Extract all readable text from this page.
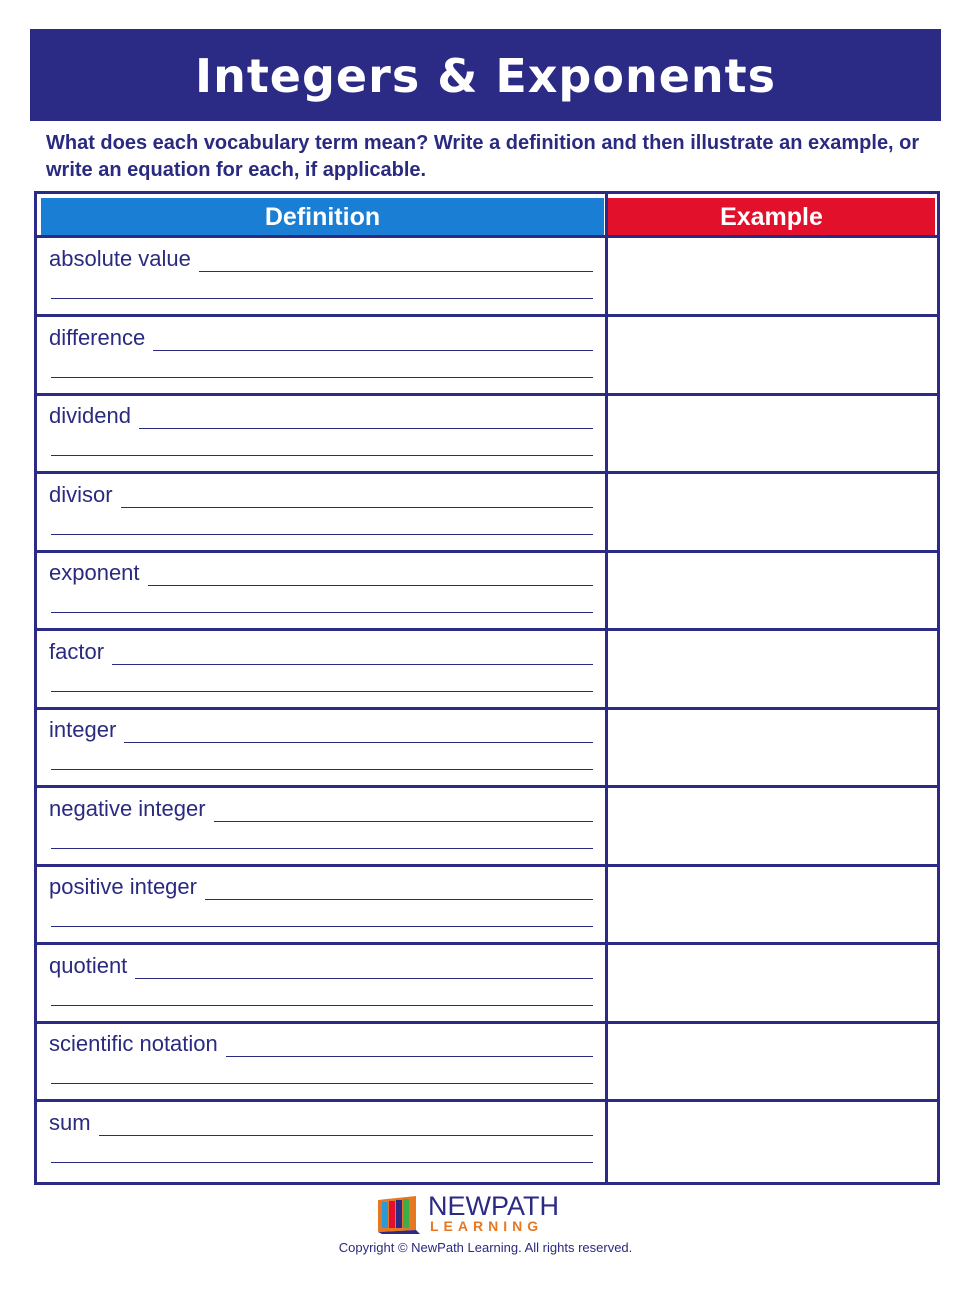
Integers & Exponents
What does each vocabulary term mean? Write a definition and then illustrate an example, or write an equation for each, if applicable.
Definition	Example
absolute value
difference
dividend
divisor
exponent
factor
integer
negative integer
positive integer
quotient
scientific notation
sum
NEWPATH
LEARNING
Copyright © NewPath Learning. All rights reserved.
